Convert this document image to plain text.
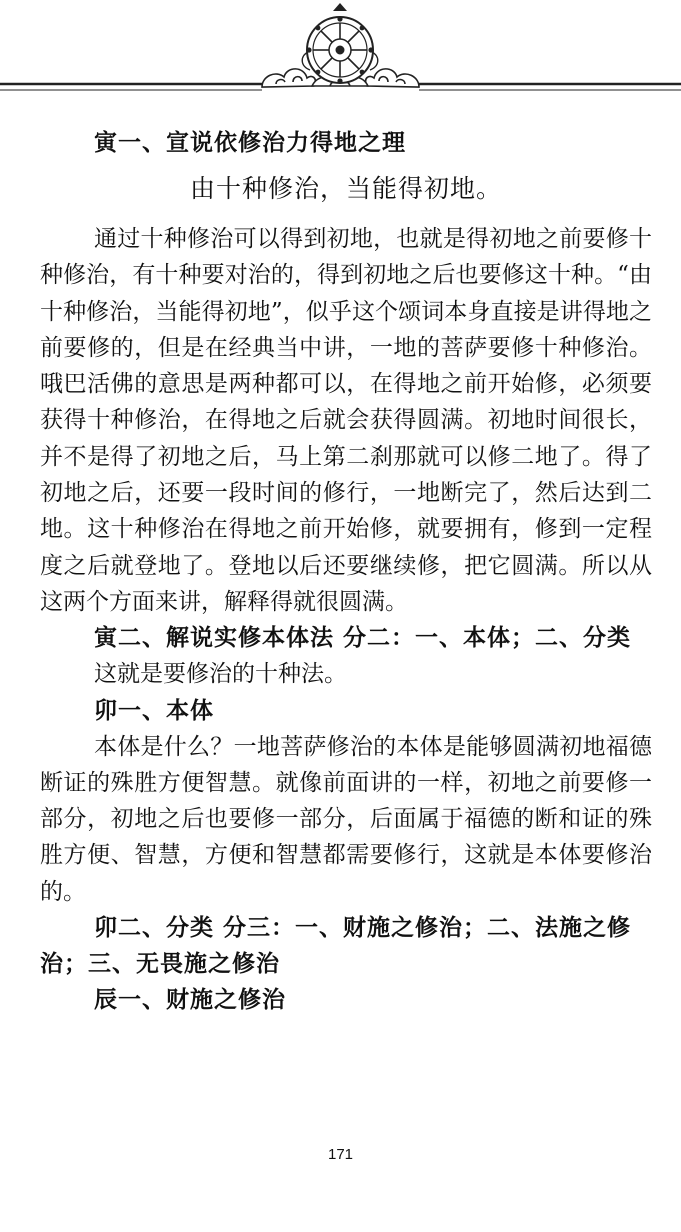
寅一、宣说依修治力得地之理

由十种修治，当能得初地。

通过十种修治可以得到初地，也就是得初地之前要修十种修治，有十种要对治的，得到初地之后也要修这十种。“由十种修治，当能得初地”，似乎这个颂词本身直接是讲得地之前要修的，但是在经典当中讲，一地的菩萨要修十种修治。哦巴活佛的意思是两种都可以，在得地之前开始修，必须要获得十种修治，在得地之后就会获得圆满。初地时间很长，并不是得了初地之后，马上第二刹那就可以修二地了。得了初地之后，还要一段时间的修行，一地断完了，然后达到二地。这十种修治在得地之前开始修，就要拥有，修到一定程度之后就登地了。登地以后还要继续修，把它圆满。所以从这两个方面来讲，解释得就很圆满。

寅二、解说实修本体法 分二：一、本体；二、分类

这就是要修治的十种法。

卯一、本体

本体是什么？一地菩萨修治的本体是能够圆满初地福德断证的殊胜方便智慧。就像前面讲的一样，初地之前要修一部分，初地之后也要修一部分，后面属于福德的断和证的殊胜方便、智慧，方便和智慧都需要修行，这就是本体要修治的。

卯二、分类 分三：一、财施之修治；二、法施之修治；三、无畏施之修治

辰一、财施之修治

171
